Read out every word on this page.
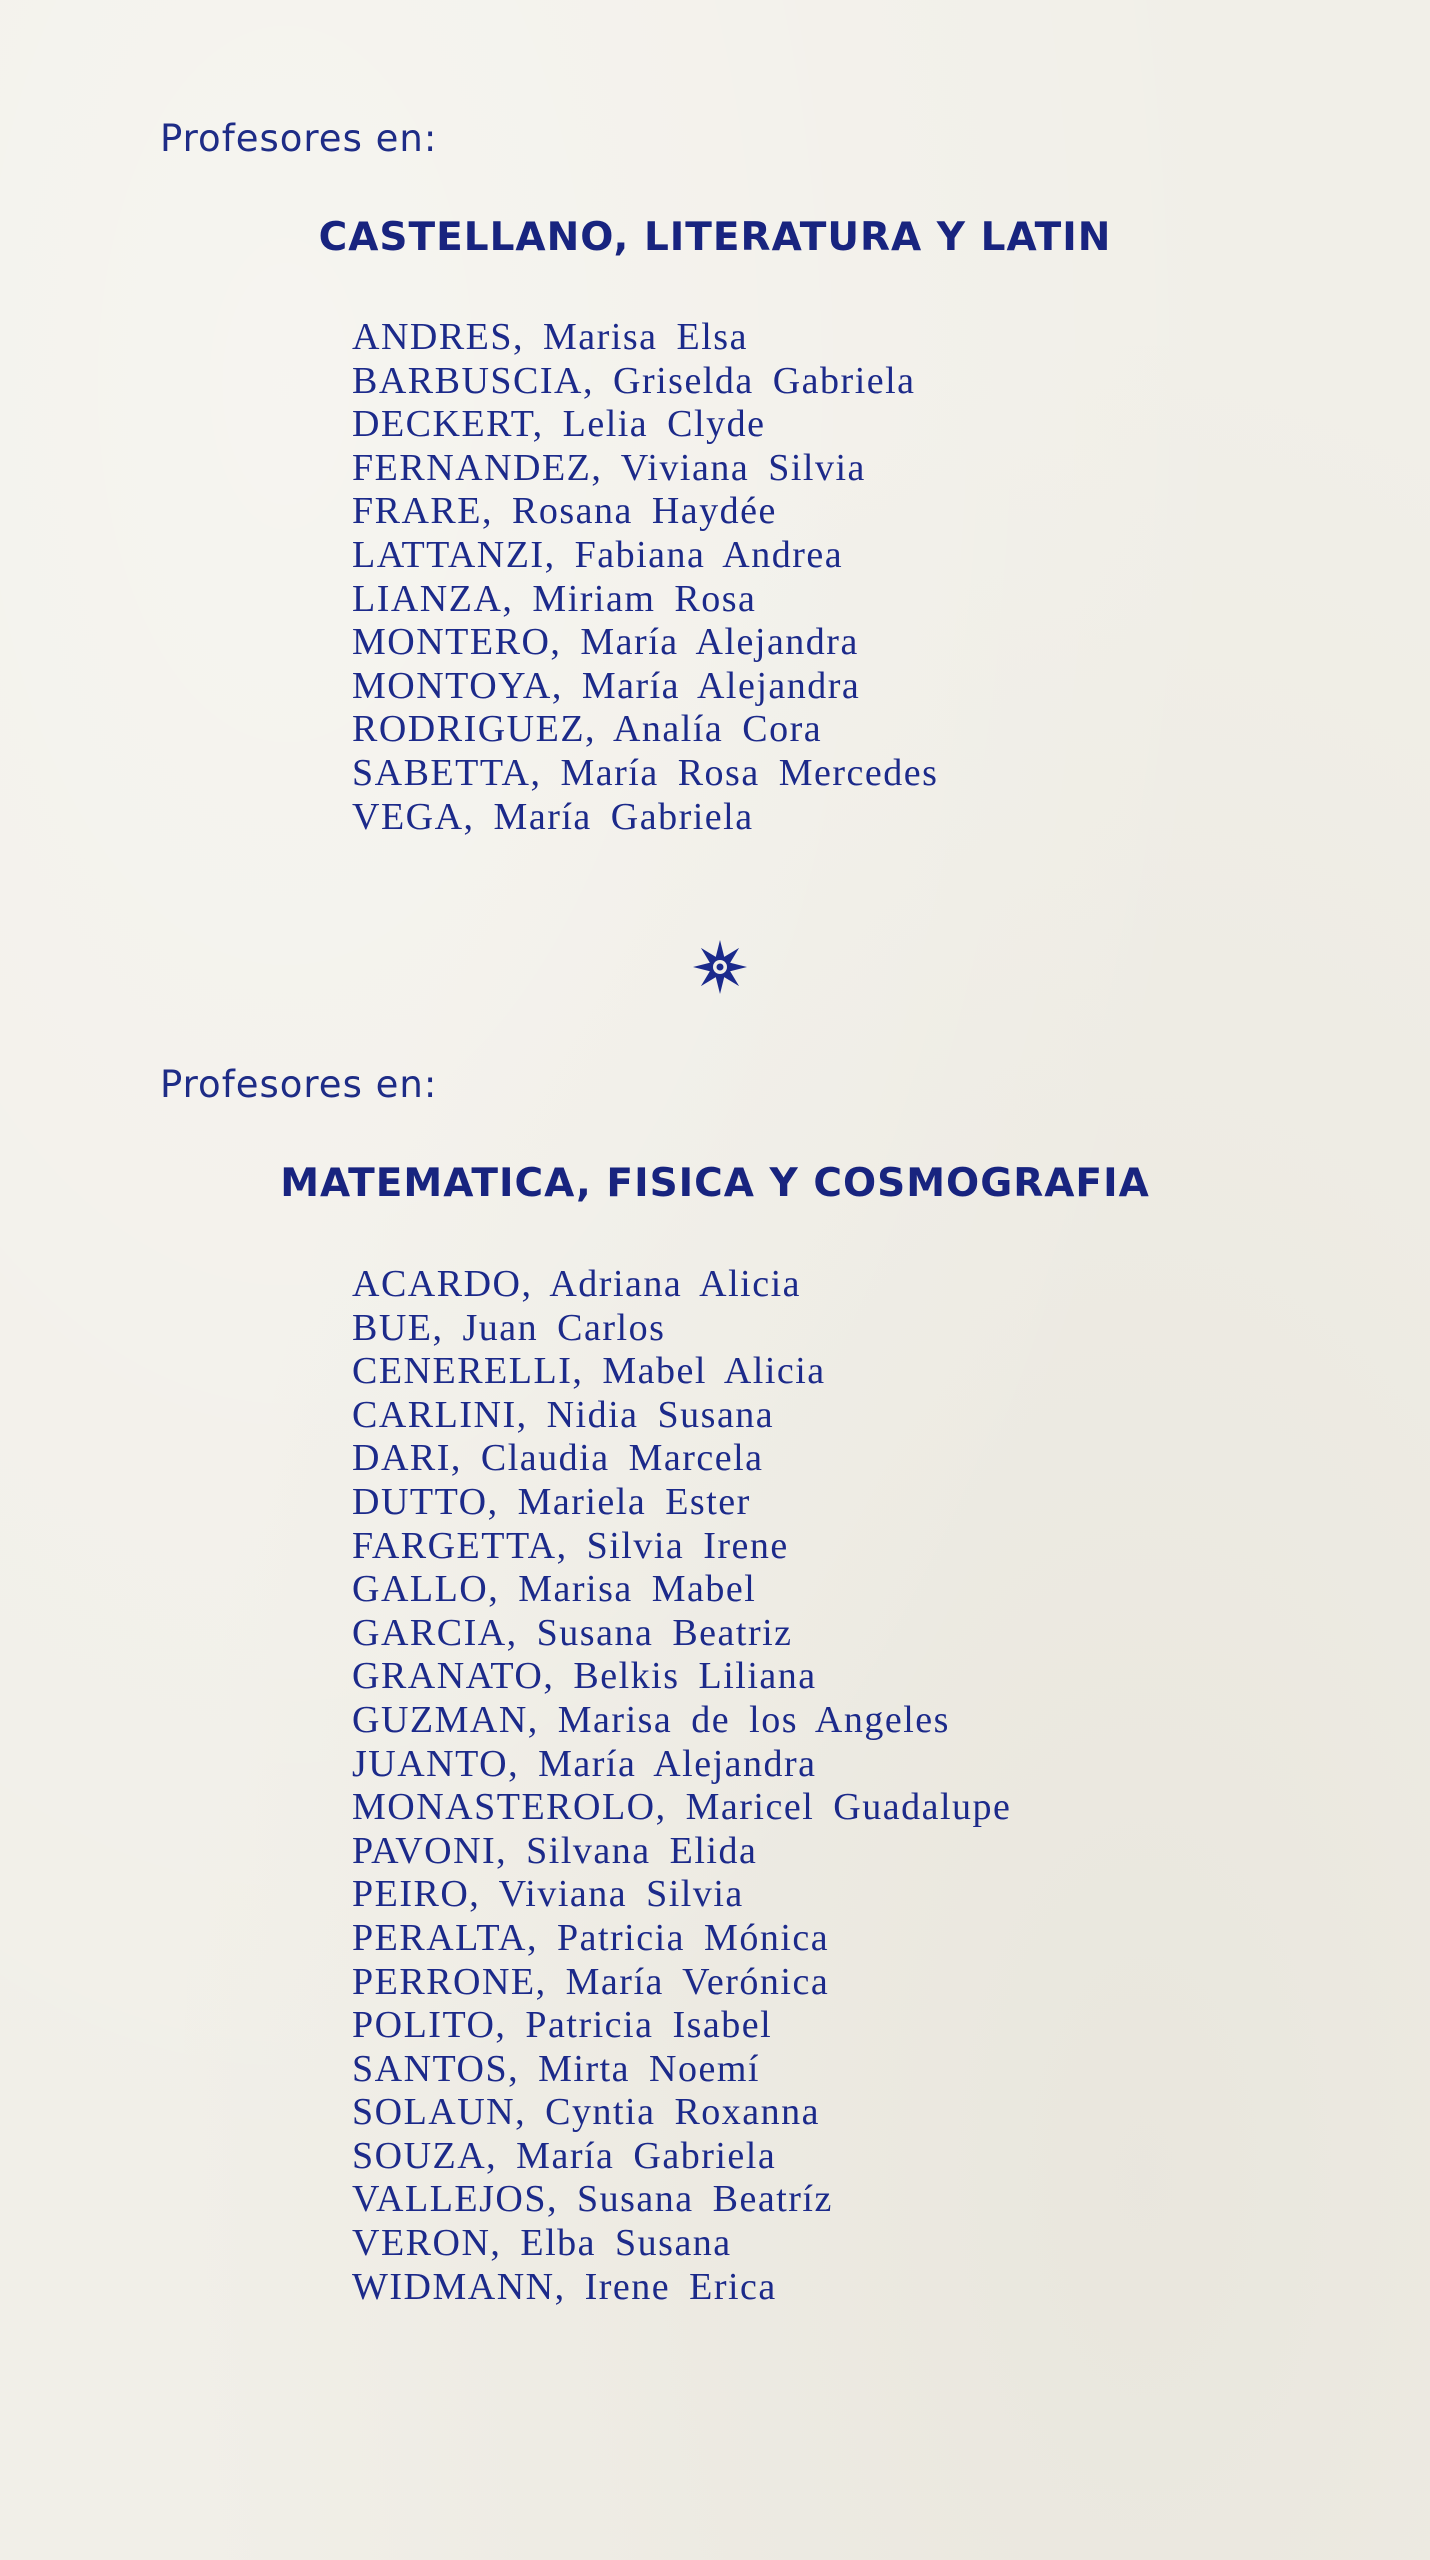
Profesores en:
CASTELLANO, LITERATURA Y LATIN
ANDRES, Marisa Elsa
BARBUSCIA, Griselda Gabriela
DECKERT, Lelia Clyde
FERNANDEZ, Viviana Silvia
FRARE, Rosana Haydée
LATTANZI, Fabiana Andrea
LIANZA, Miriam Rosa
MONTERO, María Alejandra
MONTOYA, María Alejandra
RODRIGUEZ, Analía Cora
SABETTA, María Rosa Mercedes
VEGA, María Gabriela
Profesores en:
MATEMATICA, FISICA Y COSMOGRAFIA
ACARDO, Adriana Alicia
BUE, Juan Carlos
CENERELLI, Mabel Alicia
CARLINI, Nidia Susana
DARI, Claudia Marcela
DUTTO, Mariela Ester
FARGETTA, Silvia Irene
GALLO, Marisa Mabel
GARCIA, Susana Beatriz
GRANATO, Belkis Liliana
GUZMAN, Marisa de los Angeles
JUANTO, María Alejandra
MONASTEROLO, Maricel Guadalupe
PAVONI, Silvana Elida
PEIRO, Viviana Silvia
PERALTA, Patricia Mónica
PERRONE, María Verónica
POLITO, Patricia Isabel
SANTOS, Mirta Noemí
SOLAUN, Cyntia Roxanna
SOUZA, María Gabriela
VALLEJOS, Susana Beatríz
VERON, Elba Susana
WIDMANN, Irene Erica
